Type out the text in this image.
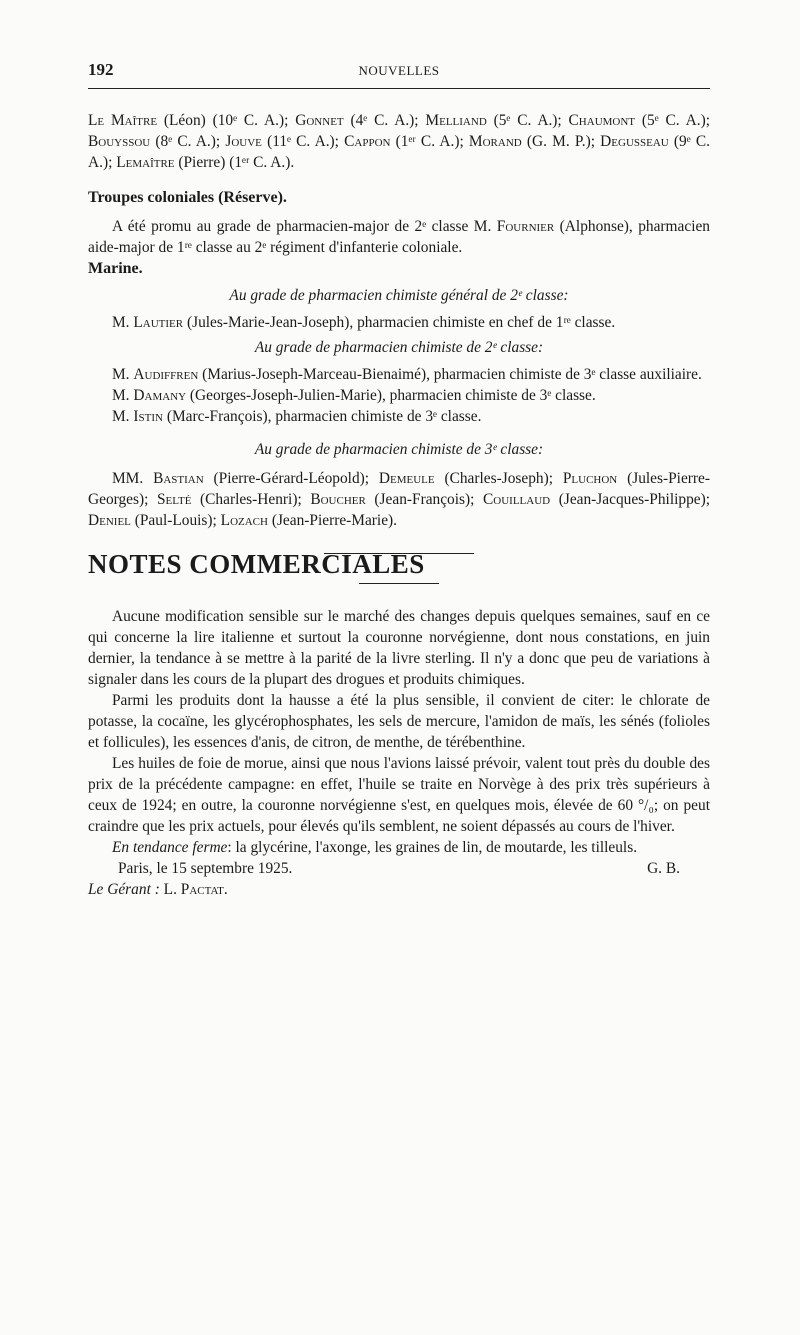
192	NOUVELLES

Le Maître (Léon) (10ᵉ C. A.); Gonnet (4ᵉ C. A.); Melliand (5ᵉ C. A.); Chaumont (5ᵉ C. A.); Bouyssou (8ᵉ C. A.); Jouve (11ᵉ C. A.); Cappon (1ᵉʳ C. A.); Morand (G. M. P.); Degusseau (9ᵉ C. A.); Lemaître (Pierre) (1ᵉʳ C. A.).

Troupes coloniales (Réserve).

A été promu au grade de pharmacien-major de 2ᵉ classe M. Fournier (Alphonse), pharmacien aide-major de 1ʳᵉ classe au 2ᵉ régiment d'infanterie coloniale.

Marine.

Au grade de pharmacien chimiste général de 2ᵉ classe:

M. Lautier (Jules-Marie-Jean-Joseph), pharmacien chimiste en chef de 1ʳᵉ classe.

Au grade de pharmacien chimiste de 2ᵉ classe:

M. Audiffren (Marius-Joseph-Marceau-Bienaimé), pharmacien chimiste de 3ᵉ classe auxiliaire.

M. Damany (Georges-Joseph-Julien-Marie), pharmacien chimiste de 3ᵉ classe.

M. Istin (Marc-François), pharmacien chimiste de 3ᵉ classe.

Au grade de pharmacien chimiste de 3ᵉ classe:

MM. Bastian (Pierre-Gérard-Léopold); Demeule (Charles-Joseph); Pluchon (Jules-Pierre-Georges); Selté (Charles-Henri); Boucher (Jean-François); Couillaud (Jean-Jacques-Philippe); Deniel (Paul-Louis); Lozach (Jean-Pierre-Marie).

NOTES COMMERCIALES

Aucune modification sensible sur le marché des changes depuis quelques semaines, sauf en ce qui concerne la lire italienne et surtout la couronne norvégienne, dont nous constations, en juin dernier, la tendance à se mettre à la parité de la livre sterling. Il n'y a donc que peu de variations à signaler dans les cours de la plupart des drogues et produits chimiques.

Parmi les produits dont la hausse a été la plus sensible, il convient de citer: le chlorate de potasse, la cocaïne, les glycérophosphates, les sels de mercure, l'amidon de maïs, les sénés (folioles et follicules), les essences d'anis, de citron, de menthe, de térébenthine.

Les huiles de foie de morue, ainsi que nous l'avions laissé prévoir, valent tout près du double des prix de la précédente campagne: en effet, l'huile se traite en Norvège à des prix très supérieurs à ceux de 1924; en outre, la couronne norvégienne s'est, en quelques mois, élevée de 60 °/₀; on peut craindre que les prix actuels, pour élevés qu'ils semblent, ne soient dépassés au cours de l'hiver.

En tendance ferme: la glycérine, l'axonge, les graines de lin, de moutarde, les tilleuls.

Paris, le 15 septembre 1925.	G. B.

Le Gérant : L. Pactat.
